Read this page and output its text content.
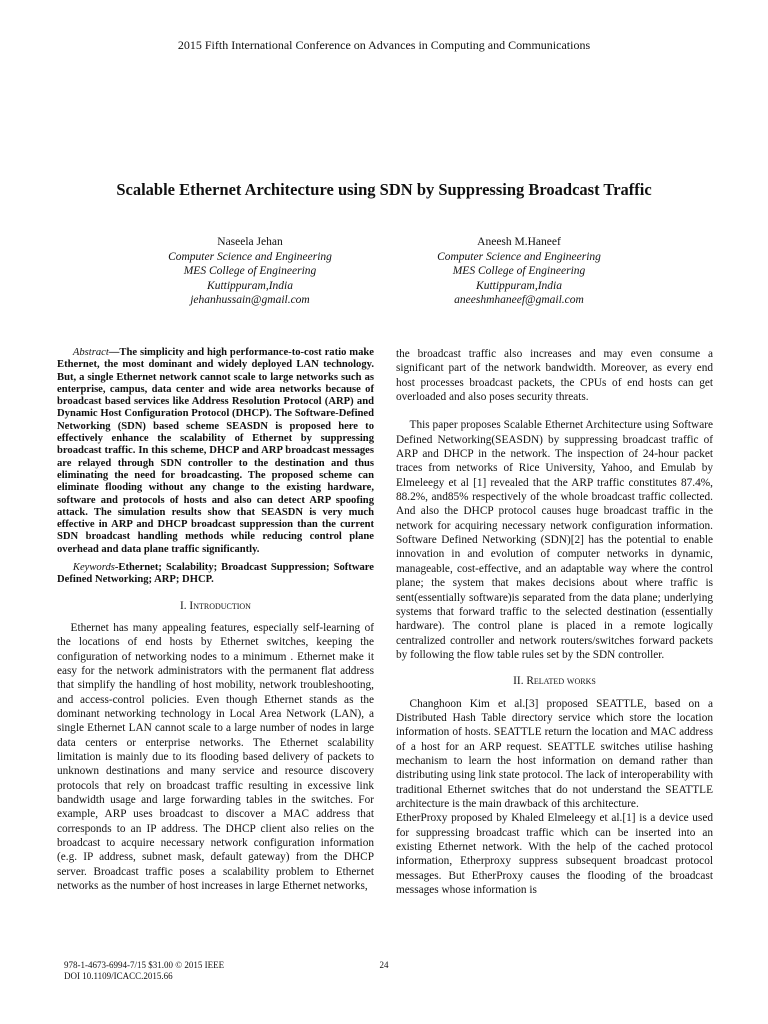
2015 Fifth International Conference on Advances in Computing and Communications
Scalable Ethernet Architecture using SDN by Suppressing Broadcast Traffic
Naseela Jehan
Computer Science and Engineering
MES College of Engineering
Kuttippuram,India
jehanhussain@gmail.com
Aneesh M.Haneef
Computer Science and Engineering
MES College of Engineering
Kuttippuram,India
aneeshmhaneef@gmail.com

Abstract—The simplicity and high performance-to-cost ratio make Ethernet, the most dominant and widely deployed LAN technology. But, a single Ethernet network cannot scale to large networks such as enterprise, campus, data center and wide area networks because of broadcast based services like Address Resolution Protocol (ARP) and Dynamic Host Configuration Protocol (DHCP). The Software-Defined Networking (SDN) based scheme SEASDN is proposed here to effectively enhance the scalability of Ethernet by suppressing broadcast traffic. In this scheme, DHCP and ARP broadcast messages are relayed through SDN controller to the destination and thus eliminating the need for broadcasting. The proposed scheme can eliminate flooding without any change to the existing hardware, software and protocols of hosts and also can detect ARP spoofing attack. The simulation results show that SEASDN is very much effective in ARP and DHCP broadcast suppression than the current SDN broadcast handling methods while reducing control plane overhead and data plane traffic significantly.

Keywords-Ethernet; Scalability; Broadcast Suppression; Software Defined Networking; ARP; DHCP.

I. Introduction

Ethernet has many appealing features, especially self-learning of the locations of end hosts by Ethernet switches, keeping the configuration of networking nodes to a minimum . Ethernet make it easy for the network administrators with the permanent flat address that simplify the handling of host mobility, network troubleshooting, and access-control policies. Even though Ethernet stands as the dominant networking technology in Local Area Network (LAN), a single Ethernet LAN cannot scale to a large number of nodes in large data centers or enterprise networks. The Ethernet scalability limitation is mainly due to its flooding based delivery of packets to unknown destinations and many service and resource discovery protocols that rely on broadcast traffic resulting in excessive link bandwidth usage and large forwarding tables in the switches. For example, ARP uses broadcast to discover a MAC address that corresponds to an IP address. The DHCP client also relies on the broadcast to acquire necessary network configuration information (e.g. IP address, subnet mask, default gateway) from the DHCP server. Broadcast traffic poses a scalability problem to Ethernet networks as the number of host increases in large Ethernet networks,

the broadcast traffic also increases and may even consume a significant part of the network bandwidth. Moreover, as every end host processes broadcast packets, the CPUs of end hosts can get overloaded and also poses security threats.

This paper proposes Scalable Ethernet Architecture using Software Defined Networking(SEASDN) by suppressing broadcast traffic of ARP and DHCP in the network. The inspection of 24-hour packet traces from networks of Rice University, Yahoo, and Emulab by Elmeleegy et al [1] revealed that the ARP traffic constitutes 87.4%, 88.2%, and85% respectively of the whole broadcast traffic collected. And also the DHCP protocol causes huge broadcast traffic in the network for acquiring necessary network configuration information. Software Defined Networking (SDN)[2] has the potential to enable innovation in and evolution of computer networks in dynamic, manageable, cost-effective, and an adaptable way where the control plane; the system that makes decisions about where traffic is sent(essentially software)is separated from the data plane; underlying systems that forward traffic to the selected destination (essentially hardware). The control plane is placed in a remote logically centralized controller and network routers/switches forward packets by following the flow table rules set by the SDN controller.

II. Related works

Changhoon Kim et al.[3] proposed SEATTLE, based on a Distributed Hash Table directory service which store the location information of hosts. SEATTLE return the location and MAC address of a host for an ARP request. SEATTLE switches utilise hashing mechanism to learn the host information on demand rather than distributing using link state protocol. The lack of interoperability with traditional Ethernet switches that do not understand the SEATTLE architecture is the main drawback of this architecture.

EtherProxy proposed by Khaled Elmeleegy et al.[1] is a device used for suppressing broadcast traffic which can be inserted into an existing Ethernet network. With the help of the cached protocol information, Etherproxy suppress subsequent broadcast protocol messages. But EtherProxy causes the flooding of the broadcast messages whose information is

978-1-4673-6994-7/15 $31.00 © 2015 IEEE
DOI 10.1109/ICACC.2015.66
24
